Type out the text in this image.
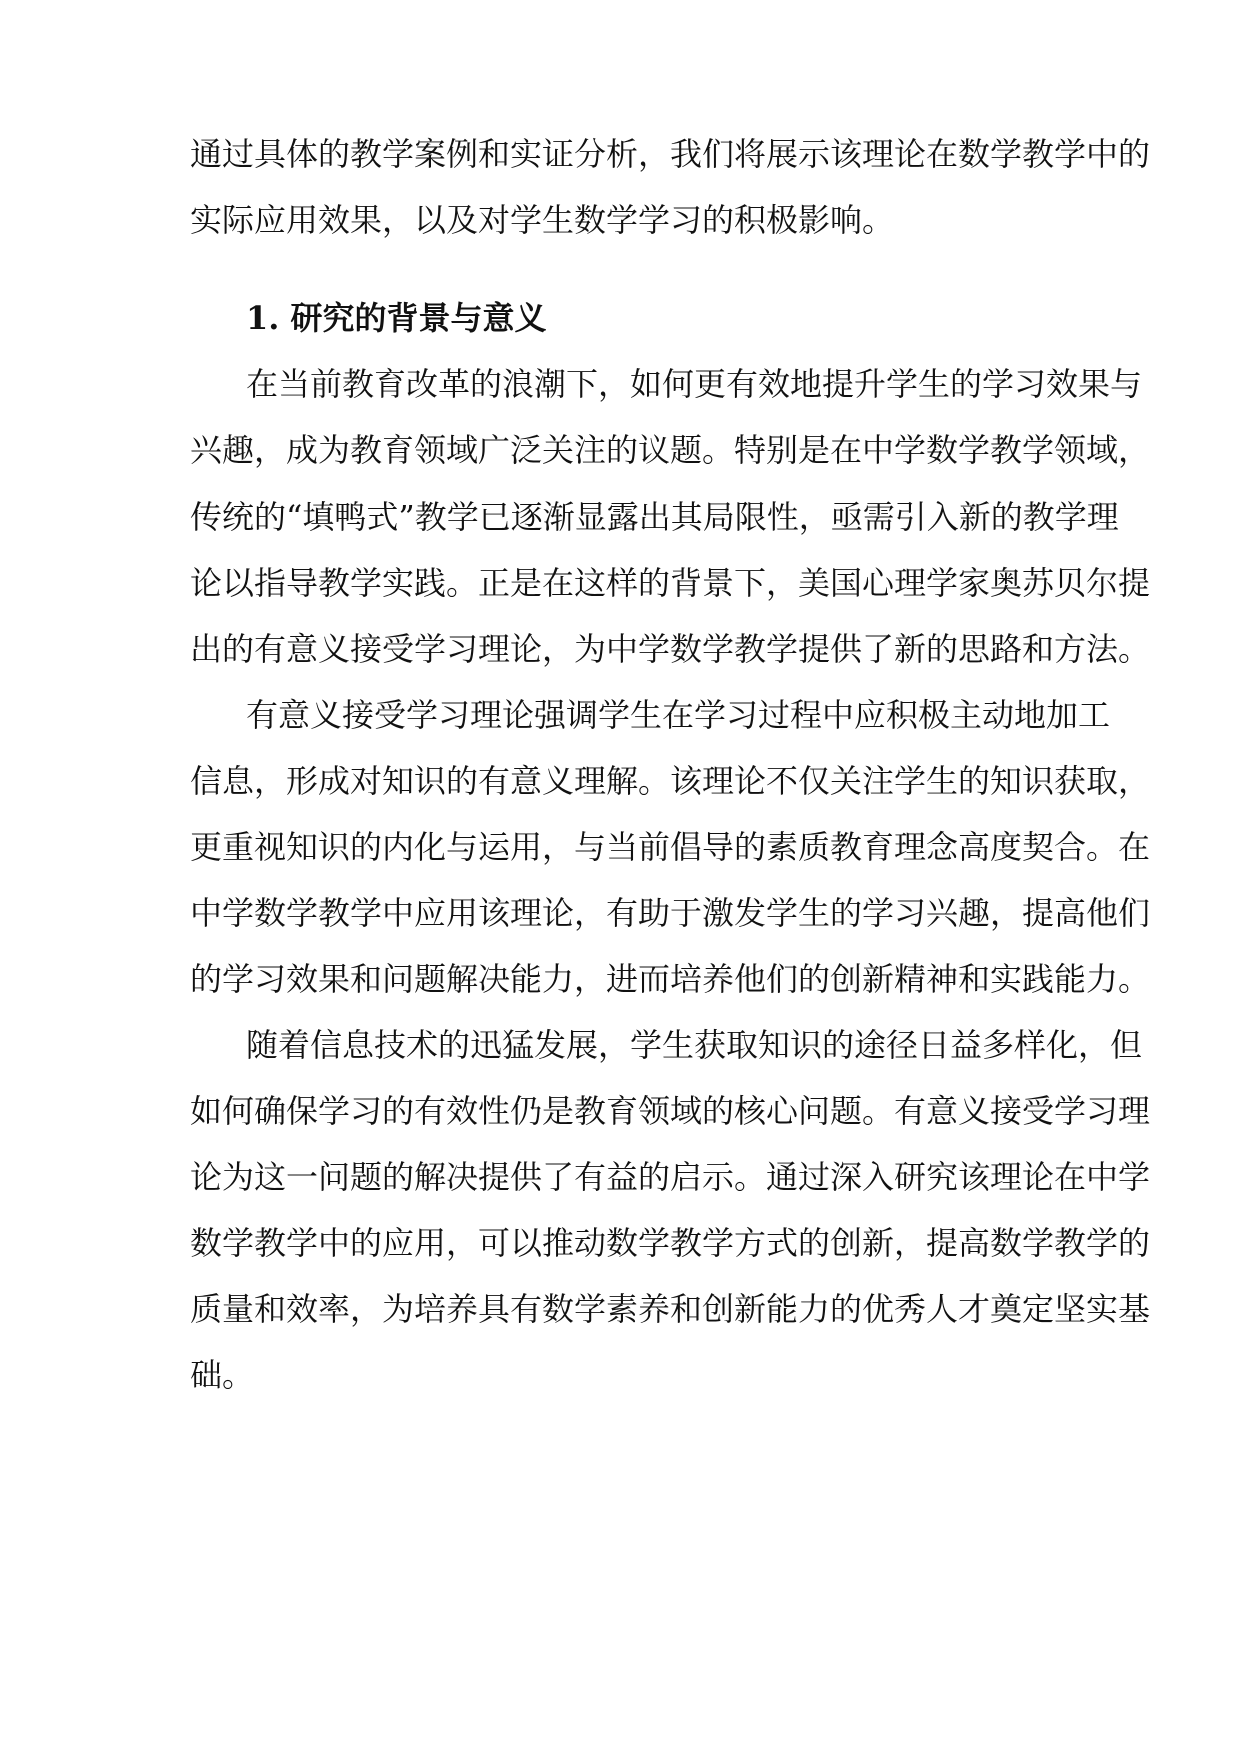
通过具体的教学案例和实证分析，我们将展示该理论在数学教学中的
实际应用效果，以及对学生数学学习的积极影响。
1. 研究的背景与意义
在当前教育改革的浪潮下，如何更有效地提升学生的学习效果与
兴趣，成为教育领域广泛关注的议题。特别是在中学数学教学领域，
传统的“填鸭式”教学已逐渐显露出其局限性，亟需引入新的教学理
论以指导教学实践。正是在这样的背景下，美国心理学家奥苏贝尔提
出的有意义接受学习理论，为中学数学教学提供了新的思路和方法。
有意义接受学习理论强调学生在学习过程中应积极主动地加工
信息，形成对知识的有意义理解。该理论不仅关注学生的知识获取，
更重视知识的内化与运用，与当前倡导的素质教育理念高度契合。在
中学数学教学中应用该理论，有助于激发学生的学习兴趣，提高他们
的学习效果和问题解决能力，进而培养他们的创新精神和实践能力。
随着信息技术的迅猛发展，学生获取知识的途径日益多样化，但
如何确保学习的有效性仍是教育领域的核心问题。有意义接受学习理
论为这一问题的解决提供了有益的启示。通过深入研究该理论在中学
数学教学中的应用，可以推动数学教学方式的创新，提高数学教学的
质量和效率，为培养具有数学素养和创新能力的优秀人才奠定坚实基
础。
